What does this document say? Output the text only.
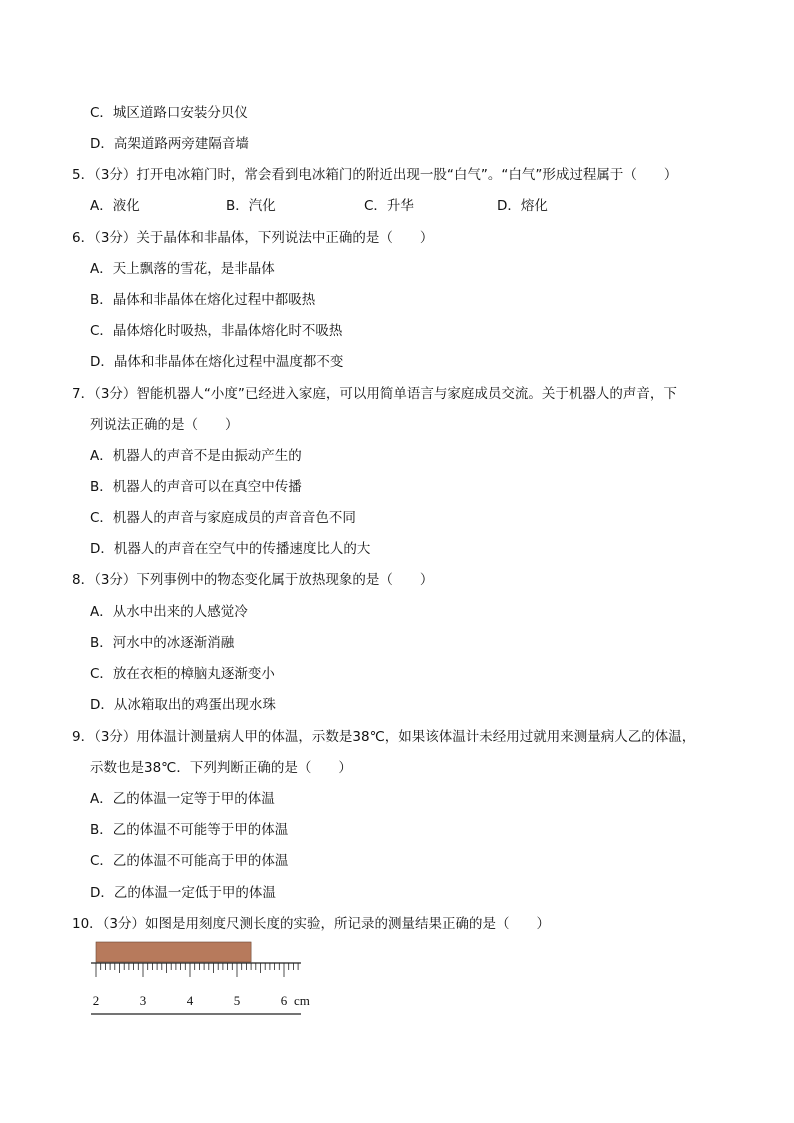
C．城区道路口安装分贝仪
D．高架道路两旁建隔音墙
5．（3分）打开电冰箱门时，常会看到电冰箱门的附近出现一股“白气”。“白气”形成过程属于（　　）
A．液化	B．汽化	C．升华	D．熔化
6．（3分）关于晶体和非晶体，下列说法中正确的是（　　）
A．天上飘落的雪花，是非晶体
B．晶体和非晶体在熔化过程中都吸热
C．晶体熔化时吸热，非晶体熔化时不吸热
D．晶体和非晶体在熔化过程中温度都不变
7．（3分）智能机器人“小度”已经进入家庭，可以用简单语言与家庭成员交流。关于机器人的声音，下
列说法正确的是（　　）
A．机器人的声音不是由振动产生的
B．机器人的声音可以在真空中传播
C．机器人的声音与家庭成员的声音音色不同
D．机器人的声音在空气中的传播速度比人的大
8．（3分）下列事例中的物态变化属于放热现象的是（　　）
A．从水中出来的人感觉冷
B．河水中的冰逐渐消融
C．放在衣柜的樟脑丸逐渐变小
D．从冰箱取出的鸡蛋出现水珠
9．（3分）用体温计测量病人甲的体温，示数是38℃，如果该体温计未经用过就用来测量病人乙的体温，
示数也是38℃．下列判断正确的是（　　）
A．乙的体温一定等于甲的体温
B．乙的体温不可能等于甲的体温
C．乙的体温不可能高于甲的体温
D．乙的体温一定低于甲的体温
10．（3分）如图是用刻度尺测长度的实验，所记录的测量结果正确的是（　　）
2	3	4	5	6 cm
